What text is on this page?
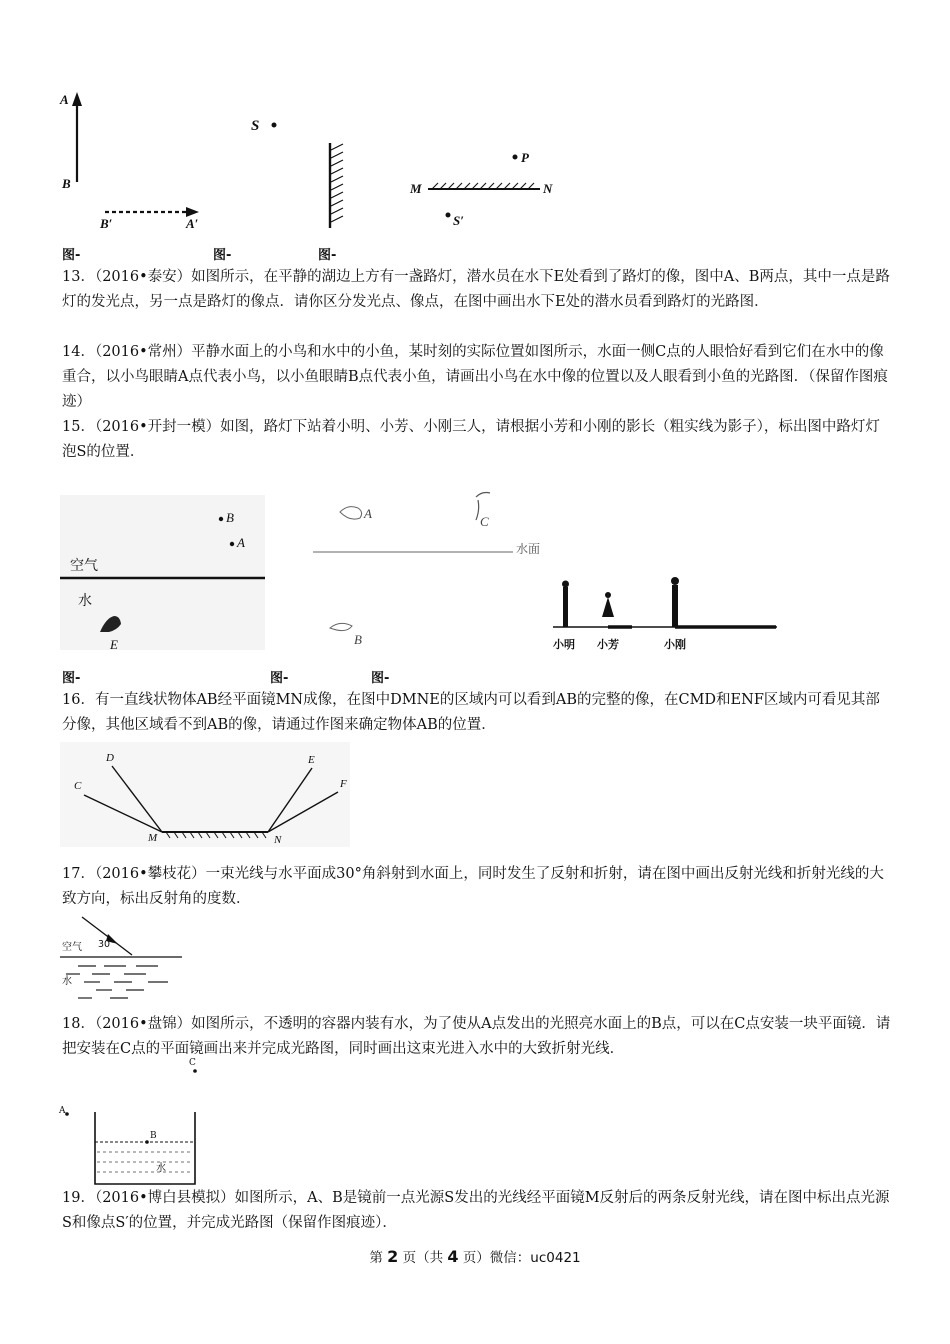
A
B
B′	A′
S
P
M	N
S′
图-	图-	图-
13．（2016•泰安）如图所示，在平静的湖边上方有一盏路灯，潜水员在水下E处看到了路灯的像，图中A、B两点，其中一点是路灯的发光点，另一点是路灯的像点．请你区分发光点、像点，在图中画出水下E处的潜水员看到路灯的光路图．
14．（2016•常州）平静水面上的小鸟和水中的小鱼，某时刻的实际位置如图所示，水面一侧C点的人眼恰好看到它们在水中的像重合，以小鸟眼睛A点代表小鸟，以小鱼眼睛B点代表小鱼，请画出小鸟在水中像的位置以及人眼看到小鱼的光路图．（保留作图痕迹）
15．（2016•开封一模）如图，路灯下站着小明、小芳、小刚三人，请根据小芳和小刚的影长（粗实线为影子），标出图中路灯灯泡S的位置．
B
A
空气
水
E
A
C
水面
B	小明 小芳	小刚
图-	图-	图-
16．有一直线状物体AB经平面镜MN成像，在图中DMNE的区域内可以看到AB的完整的像，在CMD和ENF区域内可看见其部分像，其他区域看不到AB的像，请通过作图来确定物体AB的位置．
D
C
M	N
E
F
17．（2016•攀枝花）一束光线与水平面成30°角斜射到水面上，同时发生了反射和折射，请在图中画出反射光线和折射光线的大致方向，标出反射角的度数．
空气 30°
水
18．（2016•盘锦）如图所示，不透明的容器内装有水，为了使从A点发出的光照亮水面上的B点，可以在C点安装一块平面镜．请把安装在C点的平面镜画出来并完成光路图，同时画出这束光进入水中的大致折射光线．
C
A
B
水
19．（2016•博白县模拟）如图所示，A、B是镜前一点光源S发出的光线经平面镜M反射后的两条反射光线，请在图中标出点光源S和像点S′的位置，并完成光路图（保留作图痕迹）．
第 2 页（共 4 页）微信：uc0421
